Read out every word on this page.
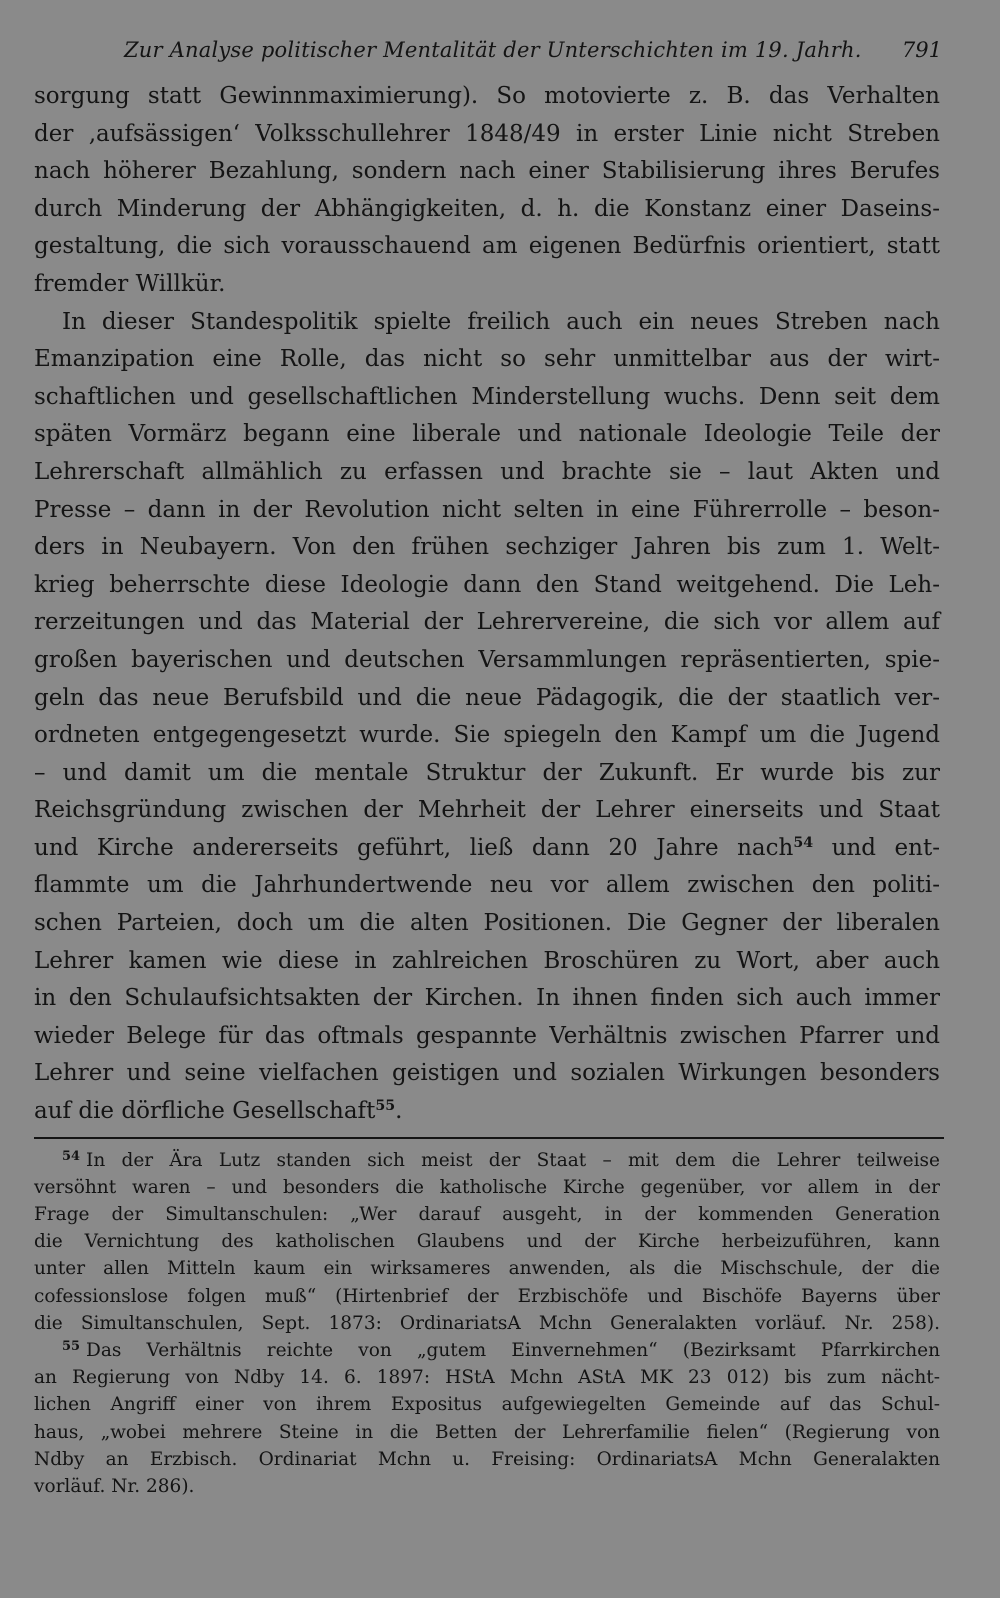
Zur Analyse politischer Mentalität der Unterschichten im 19. Jahrh. 791
sorgung statt Gewinnmaximierung). So motovierte z. B. das Verhalten
der ‚aufsässigen‘ Volksschullehrer 1848/49 in erster Linie nicht Streben
nach höherer Bezahlung, sondern nach einer Stabilisierung ihres Berufes
durch Minderung der Abhängigkeiten, d. h. die Konstanz einer Daseins-
gestaltung, die sich vorausschauend am eigenen Bedürfnis orientiert, statt
fremder Willkür.
In dieser Standespolitik spielte freilich auch ein neues Streben nach
Emanzipation eine Rolle, das nicht so sehr unmittelbar aus der wirt-
schaftlichen und gesellschaftlichen Minderstellung wuchs. Denn seit dem
späten Vormärz begann eine liberale und nationale Ideologie Teile der
Lehrerschaft allmählich zu erfassen und brachte sie – laut Akten und
Presse – dann in der Revolution nicht selten in eine Führerrolle – beson-
ders in Neubayern. Von den frühen sechziger Jahren bis zum 1. Welt-
krieg beherrschte diese Ideologie dann den Stand weitgehend. Die Leh-
rerzeitungen und das Material der Lehrervereine, die sich vor allem auf
großen bayerischen und deutschen Versammlungen repräsentierten, spie-
geln das neue Berufsbild und die neue Pädagogik, die der staatlich ver-
ordneten entgegengesetzt wurde. Sie spiegeln den Kampf um die Jugend
– und damit um die mentale Struktur der Zukunft. Er wurde bis zur
Reichsgründung zwischen der Mehrheit der Lehrer einerseits und Staat
und Kirche andererseits geführt, ließ dann 20 Jahre nach$^{54}$ und ent-
flammte um die Jahrhundertwende neu vor allem zwischen den politi-
schen Parteien, doch um die alten Positionen. Die Gegner der liberalen
Lehrer kamen wie diese in zahlreichen Broschüren zu Wort, aber auch
in den Schulaufsichtsakten der Kirchen. In ihnen finden sich auch immer
wieder Belege für das oftmals gespannte Verhältnis zwischen Pfarrer und
Lehrer und seine vielfachen geistigen und sozialen Wirkungen besonders
auf die dörfliche Gesellschaft$^{55}$.
$^{54}$ In der Ära Lutz standen sich meist der Staat – mit dem die Lehrer teilweise
versöhnt waren – und besonders die katholische Kirche gegenüber, vor allem in der
Frage der Simultanschulen: „Wer darauf ausgeht, in der kommenden Generation
die Vernichtung des katholischen Glaubens und der Kirche herbeizuführen, kann
unter allen Mitteln kaum ein wirksameres anwenden, als die Mischschule, der die
cofessionslose folgen muß“ (Hirtenbrief der Erzbischöfe und Bischöfe Bayerns über
die Simultanschulen, Sept. 1873: OrdinariatsA Mchn Generalakten vorläuf. Nr. 258).
$^{55}$ Das Verhältnis reichte von „gutem Einvernehmen“ (Bezirksamt Pfarrkirchen
an Regierung von Ndby 14. 6. 1897: HStA Mchn AStA MK 23 012) bis zum nächt-
lichen Angriff einer von ihrem Expositus aufgewiegelten Gemeinde auf das Schul-
haus, „wobei mehrere Steine in die Betten der Lehrerfamilie fielen“ (Regierung von
Ndby an Erzbisch. Ordinariat Mchn u. Freising: OrdinariatsA Mchn Generalakten
vorläuf. Nr. 286).
